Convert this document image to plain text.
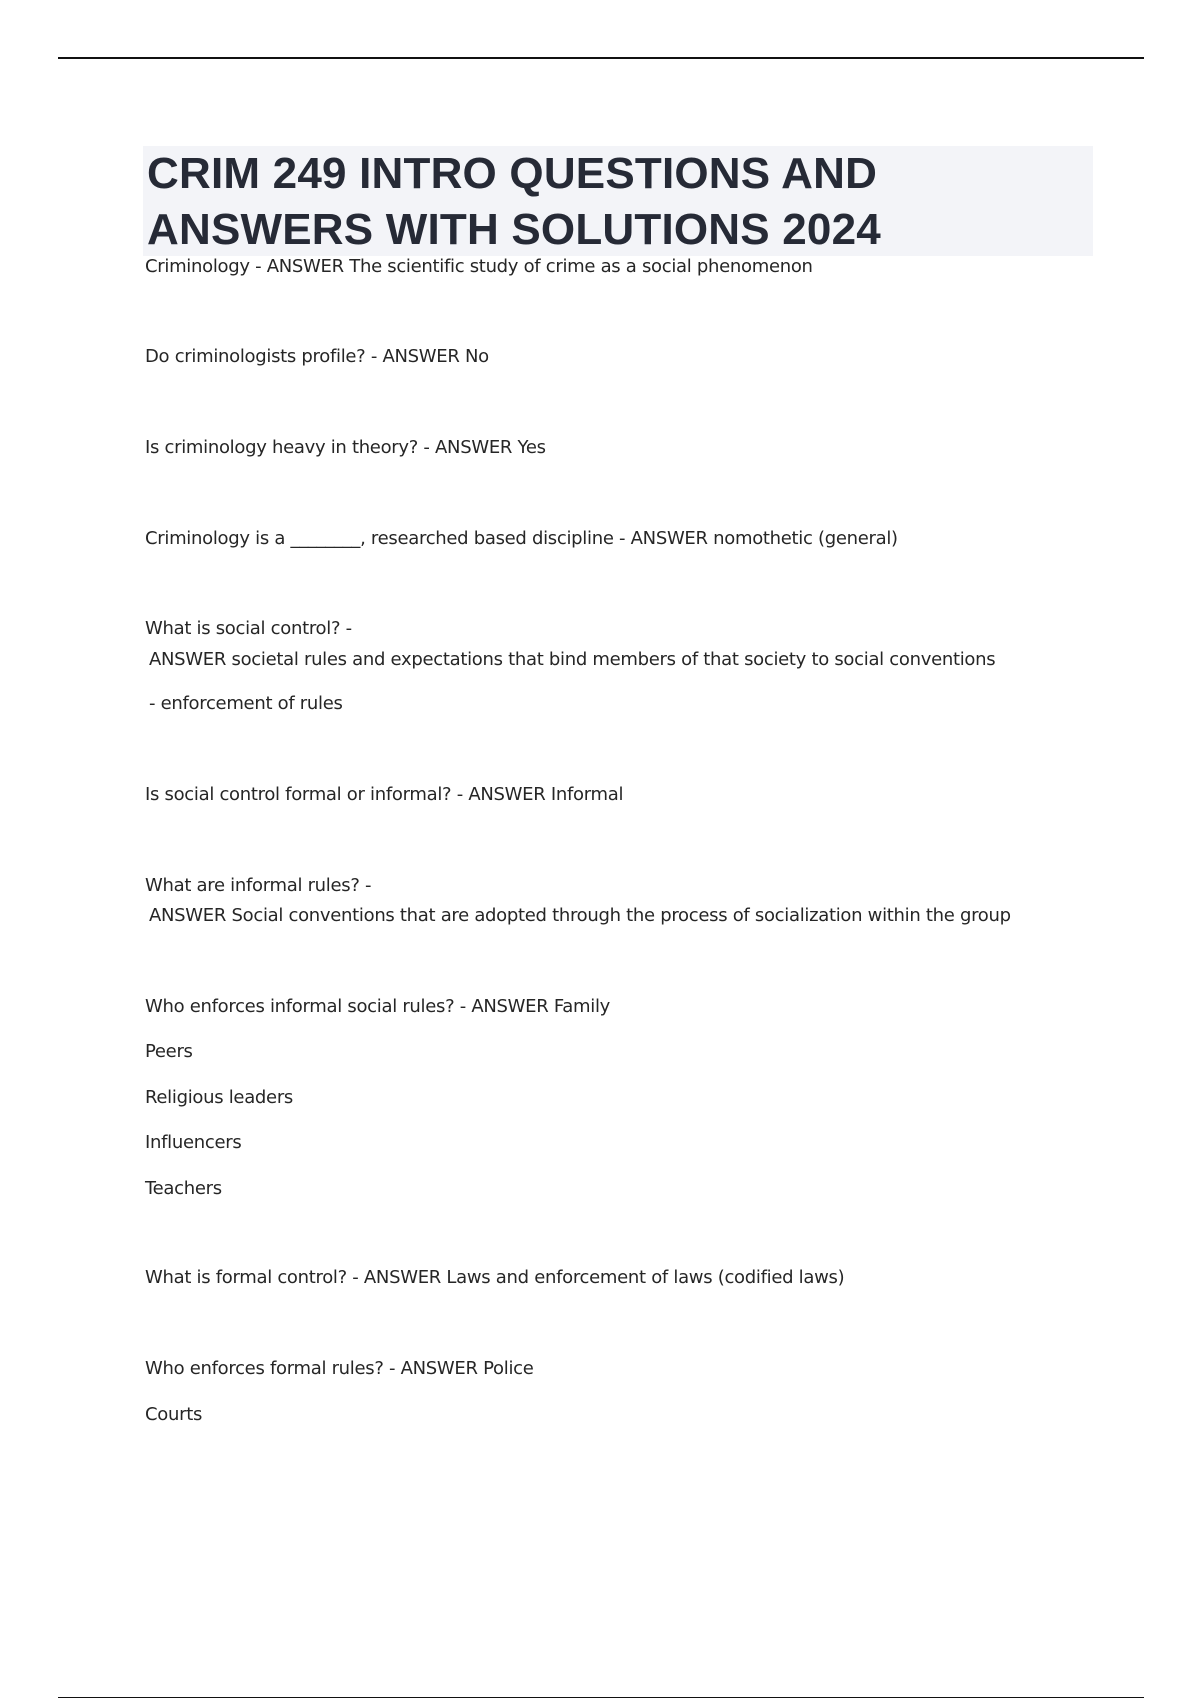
CRIM 249 INTRO QUESTIONS AND
ANSWERS WITH SOLUTIONS 2024
Criminology - ANSWER The scientific study of crime as a social phenomenon
Do criminologists profile? - ANSWER No
Is criminology heavy in theory? - ANSWER Yes
Criminology is a ________, researched based discipline - ANSWER nomothetic (general)
What is social control? -
ANSWER societal rules and expectations that bind members of that society to social conventions
- enforcement of rules
Is social control formal or informal? - ANSWER Informal
What are informal rules? -
ANSWER Social conventions that are adopted through the process of socialization within the group
Who enforces informal social rules? - ANSWER Family
Peers
Religious leaders
Influencers
Teachers
What is formal control? - ANSWER Laws and enforcement of laws (codified laws)
Who enforces formal rules? - ANSWER Police
Courts
